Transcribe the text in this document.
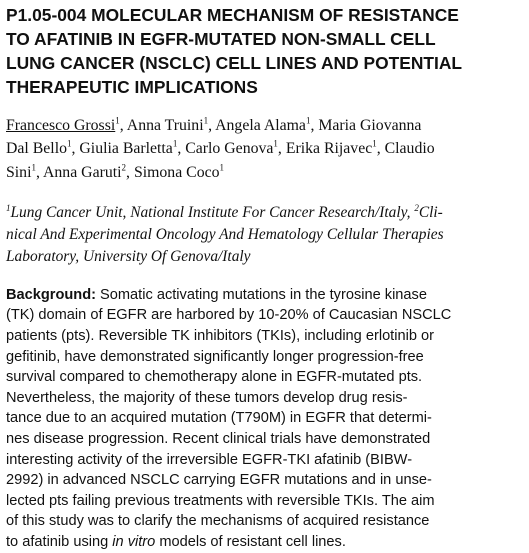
P1.05-004 MOLECULAR MECHANISM OF RESISTANCE
TO AFATINIB IN EGFR-MUTATED NON-SMALL CELL
LUNG CANCER (NSCLC) CELL LINES AND POTENTIAL
THERAPEUTIC IMPLICATIONS
Francesco Grossi$^1$, Anna Truini$^1$, Angela Alama$^1$, Maria Giovanna
Dal Bello$^1$, Giulia Barletta$^1$, Carlo Genova$^1$, Erika Rijavec$^1$, Claudio
Sini$^1$, Anna Garuti$^2$, Simona Coco$^1$
$^1$Lung Cancer Unit, National Institute For Cancer Research/Italy, $^2$Cli-
nical And Experimental Oncology And Hematology Cellular Therapies
Laboratory, University Of Genova/Italy
Background: Somatic activating mutations in the tyrosine kinase
(TK) domain of EGFR are harbored by 10-20% of Caucasian NSCLC
patients (pts). Reversible TK inhibitors (TKIs), including erlotinib or
gefitinib, have demonstrated significantly longer progression-free
survival compared to chemotherapy alone in EGFR-mutated pts.
Nevertheless, the majority of these tumors develop drug resis-
tance due to an acquired mutation (T790M) in EGFR that determi-
nes disease progression. Recent clinical trials have demonstrated
interesting activity of the irreversible EGFR-TKI afatinib (BIBW-
2992) in advanced NSCLC carrying EGFR mutations and in unse-
lected pts failing previous treatments with reversible TKIs. The aim
of this study was to clarify the mechanisms of acquired resistance
to afatinib using in vitro models of resistant cell lines.
